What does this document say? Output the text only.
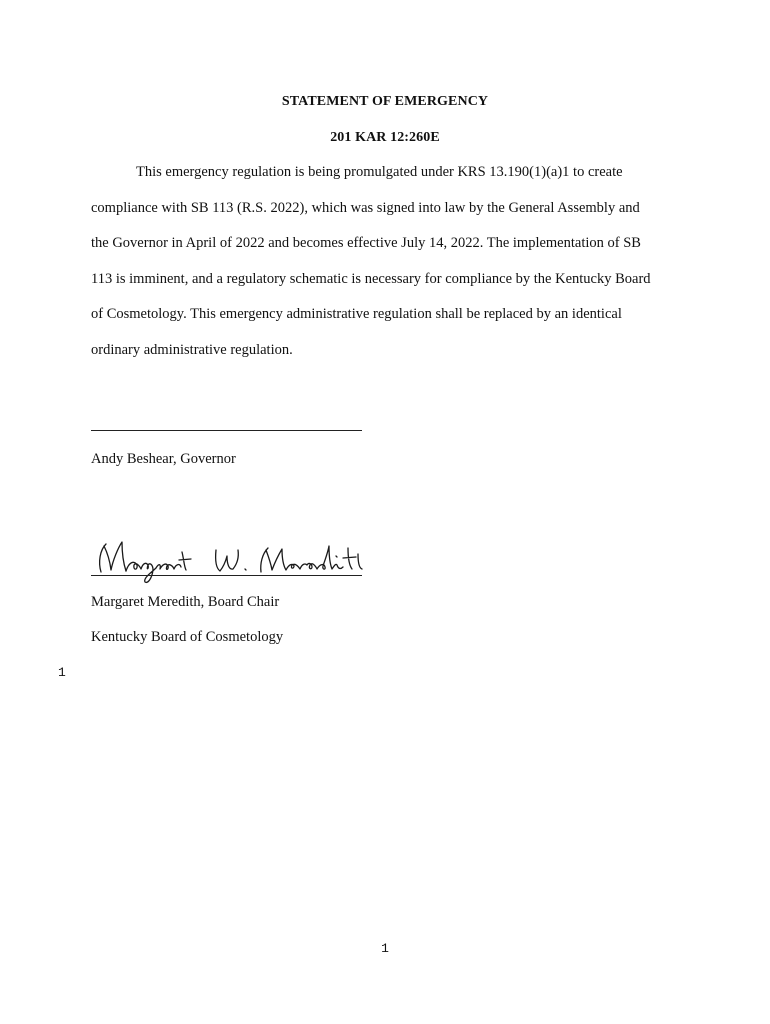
STATEMENT OF EMERGENCY
201 KAR 12:260E
This emergency regulation is being promulgated under KRS 13.190(1)(a)1 to create
compliance with SB 113 (R.S. 2022), which was signed into law by the General Assembly and
the Governor in April of 2022 and becomes effective July 14, 2022. The implementation of SB
113 is imminent, and a regulatory schematic is necessary for compliance by the Kentucky Board
of Cosmetology. This emergency administrative regulation shall be replaced by an identical
ordinary administrative regulation.
Andy Beshear, Governor
Margaret Meredith, Board Chair
Kentucky Board of Cosmetology
1
1
